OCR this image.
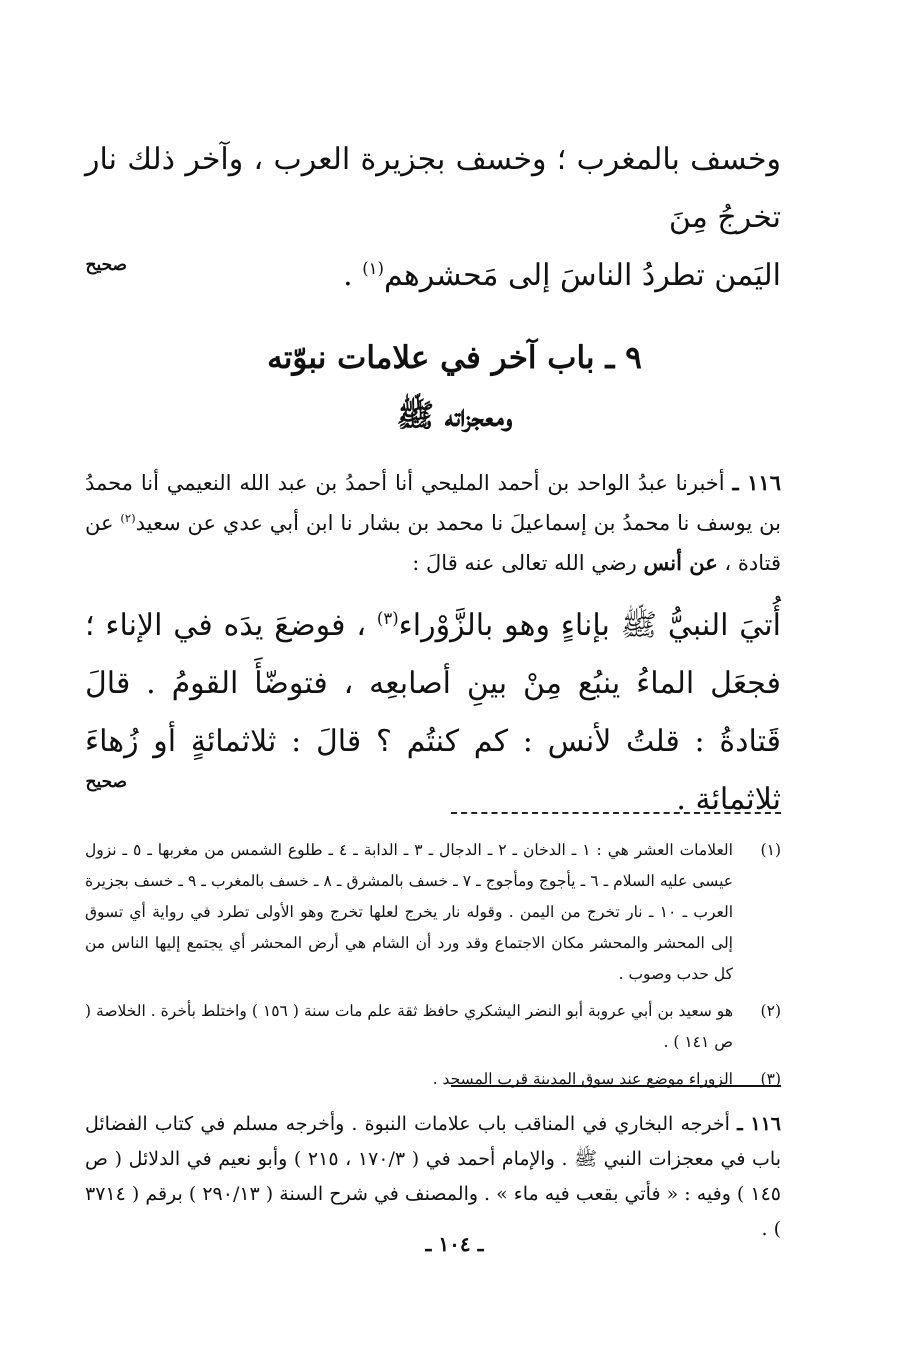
وخسف بالمغرب ؛ وخسف بجزيرة العرب ، وآخر ذلك نار تخرجُ مِنَ
اليَمن تطردُ الناسَ إلى مَحشرهم$^{(١)}$ .
صحيح
٩ ـ باب آخر في علامات نبوّته
ومعجزاته ﷺ
١١٦ ـ أخبرنا عبدُ الواحد بن أحمد المليحي أنا أحمدُ بن عبد الله النعيمي أنا محمدُ بن يوسف نا محمدُ بن إسماعيلَ نا محمد بن بشار نا ابن أبي عدي عن سعيد$^{(٢)}$ عن قتادة ، عن أنس رضي الله تعالى عنه قالَ :
أُتيَ النبيُّ ﷺ بإناءٍ وهو بالزَّوْراء$^{(٣)}$ ، فوضعَ يدَه في الإناء ؛ فجعَل الماءُ ينبُع مِنْ بينِ أصابعِه ، فتوضّأَ القومُ . قالَ قَتادةُ : قلتُ لأنس : كم كنتُم ؟ قالَ : ثلاثمائةٍ أو زُهاءَ ثلاثمائة .
صحيح
(١)
العلامات العشر هي : ١ ـ الدخان ـ ٢ ـ الدجال ـ ٣ ـ الدابة ـ ٤ ـ طلوع الشمس من مغربها ـ ٥ ـ نزول عيسى عليه السلام ـ ٦ ـ يأجوج ومأجوج ـ ٧ ـ خسف بالمشرق ـ ٨ ـ خسف بالمغرب ـ ٩ ـ خسف بجزيرة العرب ـ ١٠ ـ نار تخرج من اليمن . وقوله نار يخرج لعلها تخرج وهو الأولى تطرد في رواية أي تسوق إلى المحشر والمحشر مكان الاجتماع وقد ورد أن الشام هي أرض المحشر أي يجتمع إليها الناس من كل حدب وصوب .
(٢)
هو سعيد بن أبي عروبة أبو النضر اليشكري حافظ ثقة علم مات سنة ( ١٥٦ ) واختلط بأخرة . الخلاصة ( ص ١٤١ ) .
(٣)
الزوراء موضع عند سوق المدينة قرب المسجد .
١١٦ ـ أخرجه البخاري في المناقب باب علامات النبوة . وأخرجه مسلم في كتاب الفضائل باب في معجزات النبي ﷺ . والإمام أحمد في ( ١٧٠/٣ ، ٢١٥ ) وأبو نعيم في الدلائل ( ص ١٤٥ ) وفيه : « فأتي بقعب فيه ماء » . والمصنف في شرح السنة ( ٢٩٠/١٣ ) برقم ( ٣٧١٤ ) .
ـ ١٠٤ ـ
